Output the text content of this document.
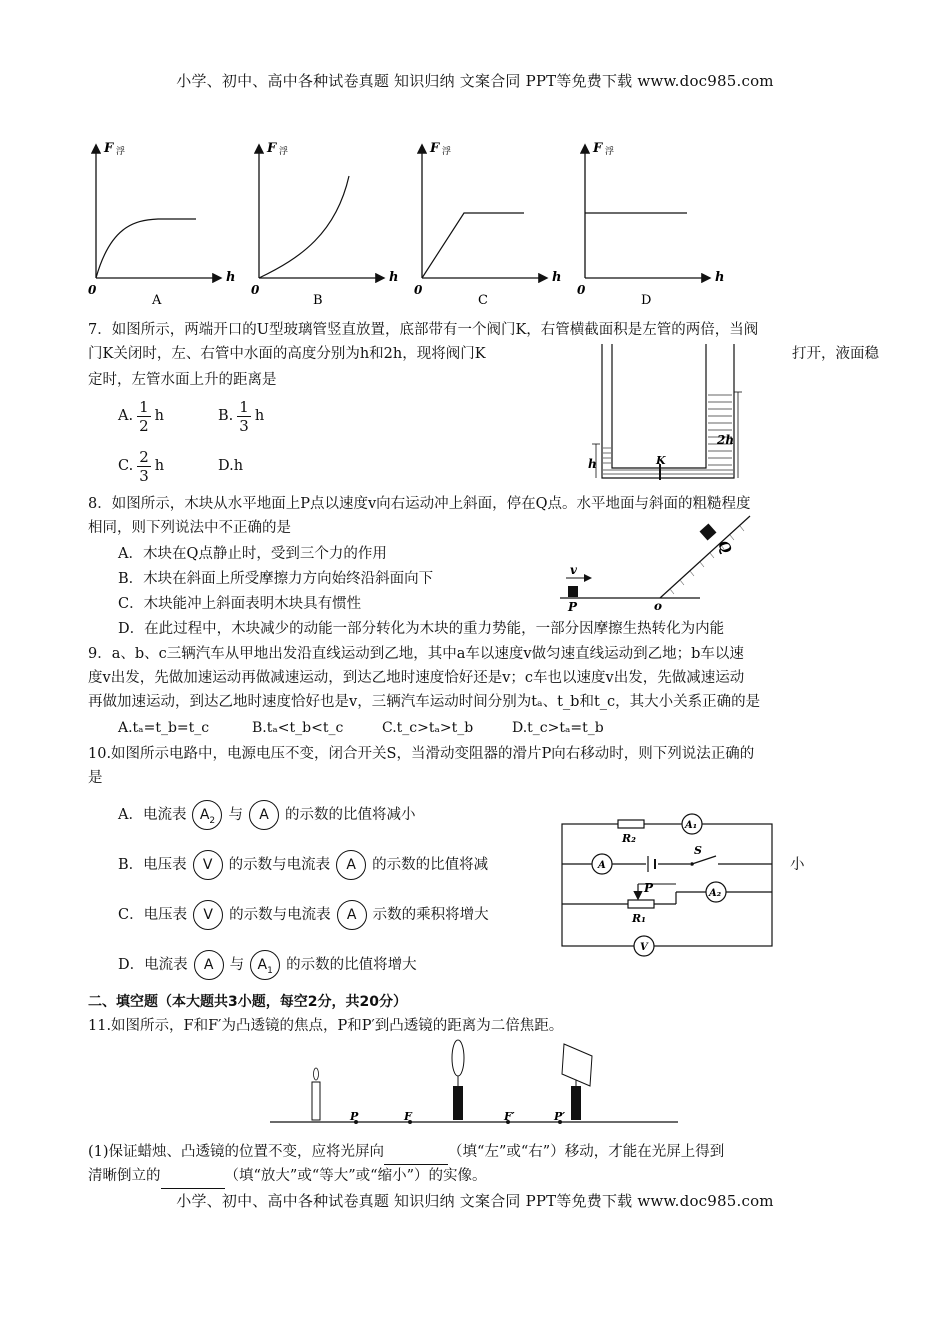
小学、初中、高中各种试卷真题 知识归纳 文案合同 PPT等免费下载 www.doc985.com
F 浮
h
0
A
F 浮
h
0
B
F 浮
h
0
C
F 浮
h
0
D
7．如图所示，两端开口的U型玻璃管竖直放置，底部带有一个阀门K，右管横截面积是左管的两倍，当阀
门K关闭时，左、右管中水面的高度分别为h和2h，现将阀门K	打开，液面稳
定时，左管水面上升的距离是
A. $\frac{1}{2}$ h	B. $\frac{1}{3}$ h
C. $\frac{2}{3}$ h	D.h	K
h
2h
8．如图所示，木块从水平地面上P点以速度v向右运动冲上斜面，停在Q点。水平地面与斜面的粗糙程度
相同，则下列说法中不正确的是
A．木块在Q点静止时，受到三个力的作用
B．木块在斜面上所受摩擦力方向始终沿斜面向下
C．木块能冲上斜面表明木块具有惯性
D．在此过程中，木块减少的动能一部分转化为木块的重力势能，一部分因摩擦生热转化为内能
v
P	o
Q
9．a、b、c三辆汽车从甲地出发沿直线运动到乙地，其中a车以速度v做匀速直线运动到乙地；b车以速
度v出发，先做加速运动再做减速运动，到达乙地时速度恰好还是v；c车也以速度v出发，先做减速运动
再做加速运动，到达乙地时速度恰好也是v，三辆汽车运动时间分别为tₐ、t_b和t_c，其大小关系正确的是
A.tₐ=t_b=t_c	B.tₐ<t_b<t_c	C.t_c>tₐ>t_b	D.t_c>tₐ=t_b
10.如图所示电路中，电源电压不变，闭合开关S，当滑动变阻器的滑片P向右移动时，则下列说法正确的
是
A．电流表 $A_2$ 与 A 的示数的比值将减小
B．电压表 V 的示数与电流表 A 的示数的比值将减	小
C．电压表 V 的示数与电流表 A 示数的乘积将增大
D．电流表 A 与 $A_1$ 的示数的比值将增大
R₂
A₁
A
S
P
R₁
A₂
V
二、填空题（本大题共3小题，每空2分，共20分）
11.如图所示，F和F′为凸透镜的焦点，P和P′到凸透镜的距离为二倍焦距。
P	F	F′	P′
(1)保证蜡烛、凸透镜的位置不变，应将光屏向	（填“左”或“右”）移动，才能在光屏上得到
清晰倒立的	（填“放大”或“等大”或“缩小”）的实像。
小学、初中、高中各种试卷真题 知识归纳 文案合同 PPT等免费下载 www.doc985.com
